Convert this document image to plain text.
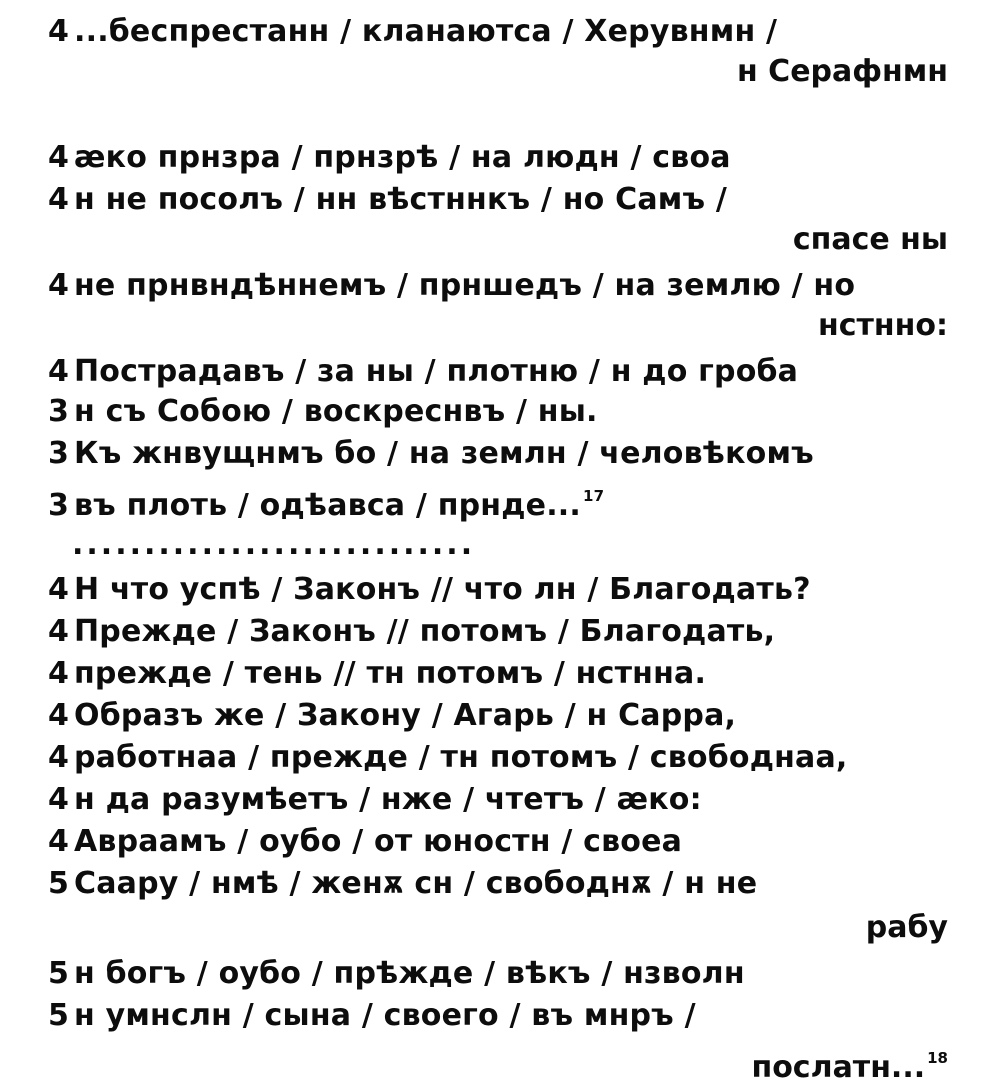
4 ...беспрестанн / кланаютса / Херувнмн /
н Серафнмн
4 ӕко прнзра / прнзрѣ / на людн / своа
4 н не посолъ / нн вѣстннкъ / но Самъ /
спасе ны
4 не прнвндѣннемъ / прншедъ / на землю / но
нстнно:
4 Пострадавъ / за ны / плотню / н до гроба
3 н съ Собою / воскреснвъ / ны.
3 Къ жнвущнмъ бо / на землн / человѣкомъ
3 въ плоть / одѣавса / прнде... $^{17}$
............................
4 Н что успѣ / Законъ // что лн / Благодать?
4 Прежде / Законъ // потомъ / Благодать,
4 прежде / тень // тн потомъ / нстнна.
4 Образъ же / Закону / Агарь / н Сарра,
4 работнаа / прежде / тн потомъ / свободнаа,
4 н да разумѣетъ / нже / чтетъ / ӕко:
4 Авраамъ / оубо / от юностн / своеа
5 Саару / нмѣ / женѫ сн / свободнѫ / н не
рабу
5 н богъ / оубо / прѣжде / вѣкъ / нзволн
5 н умнслн / сына / своего / въ мнръ /
послатн... $^{18}$
